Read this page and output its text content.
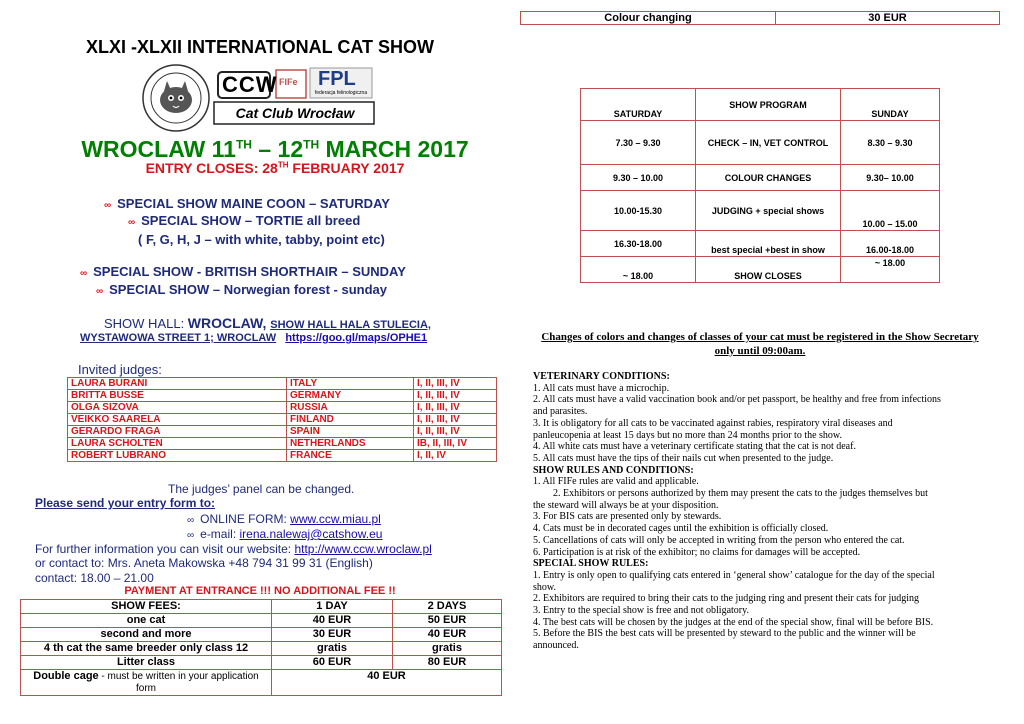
Colour changing	30 EUR
XLXI -XLXII INTERNATIONAL CAT SHOW
CCW
Cat Club Wrocław
FIFe FPL
federacja felinologiczna
WROCLAW 11TH – 12TH MARCH 2017
ENTRY CLOSES: 28TH FEBRUARY 2017
∞ SPECIAL SHOW MAINE COON – SATURDAY
∞ SPECIAL SHOW – TORTIE all breed
( F, G, H, J – with white, tabby, point etc)
∞ SPECIAL SHOW - BRITISH SHORTHAIR – SUNDAY
∞ SPECIAL SHOW – Norwegian forest - sunday
SHOW HALL: WROCLAW, SHOW HALL HALA STULECIA,
WYSTAWOWA STREET 1; WROCLAW https://goo.gl/maps/OPHE1
Invited judges:
LAURA BURANI	ITALY	I, II, III, IV
BRITTA BUSSE	GERMANY	I, II, III, IV
OLGA SIZOVA	RUSSIA	I, II, III, IV
VEIKKO SAARELA	FINLAND	I, II, III, IV
GERARDO FRAGA	SPAIN	I, II, III, IV
LAURA SCHOLTEN	NETHERLANDS	IB, II, III, IV
ROBERT LUBRANO	FRANCE	I, II, IV
The judges’ panel can be changed.
Please send your entry form to:
∞ ONLINE FORM: www.ccw.miau.pl
∞ e-mail: irena.nalewaj@catshow.eu
For further information you can visit our website: http://www.ccw.wroclaw.pl
or contact to: Mrs. Aneta Makowska +48 794 31 99 31 (English)
contact: 18.00 – 21.00
PAYMENT AT ENTRANCE !!! NO ADDITIONAL FEE !!
SHOW FEES:	1 DAY	2 DAYS
one cat	40 EUR	50 EUR
second and more	30 EUR	40 EUR
4 th cat the same breeder only class 12	gratis	gratis
Litter class	60 EUR	80 EUR
Double cage - must be written in your application form	40 EUR	
SATURDAY	SHOW PROGRAM	SUNDAY
7.30 – 9.30	CHECK – IN, VET CONTROL	8.30 – 9.30
9.30 – 10.00	COLOUR CHANGES	9.30– 10.00
10.00-15.30	JUDGING + special shows	10.00 – 15.00
16.30-18.00	best special +best in show	16.00-18.00
~ 18.00	SHOW CLOSES	~ 18.00
Changes of colors and changes of classes of your cat must be registered in the Show Secretary only until 09:00am.
VETERINARY CONDITIONS:
1. All cats must have a microchip.
2. All cats must have a valid vaccination book and/or pet passport, be healthy and free from infections
and parasites.
3. It is obligatory for all cats to be vaccinated against rabies, respiratory viral diseases and
panleucopenia at least 15 days but no more than 24 months prior to the show.
4. All white cats must have a veterinary certificate stating that the cat is not deaf.
5. All cats must have the tips of their nails cut when presented to the judge.
SHOW RULES AND CONDITIONS:
1. All FIFe rules are valid and applicable.
2. Exhibitors or persons authorized by them may present the cats to the judges themselves but
the steward will always be at your disposition.
3. For BIS cats are presented only by stewards.
4. Cats must be in decorated cages until the exhibition is officially closed.
5. Cancellations of cats will only be accepted in writing from the person who entered the cat.
6. Participation is at risk of the exhibitor; no claims for damages will be accepted.
SPECIAL SHOW RULES:
1. Entry is only open to qualifying cats entered in ‘general show’ catalogue for the day of the special
show.
2. Exhibitors are required to bring their cats to the judging ring and present their cats for judging
3. Entry to the special show is free and not obligatory.
4. The best cats will be chosen by the judges at the end of the special show, final will be before BIS.
5. Before the BIS the best cats will be presented by steward to the public and the winner will be
announced.
